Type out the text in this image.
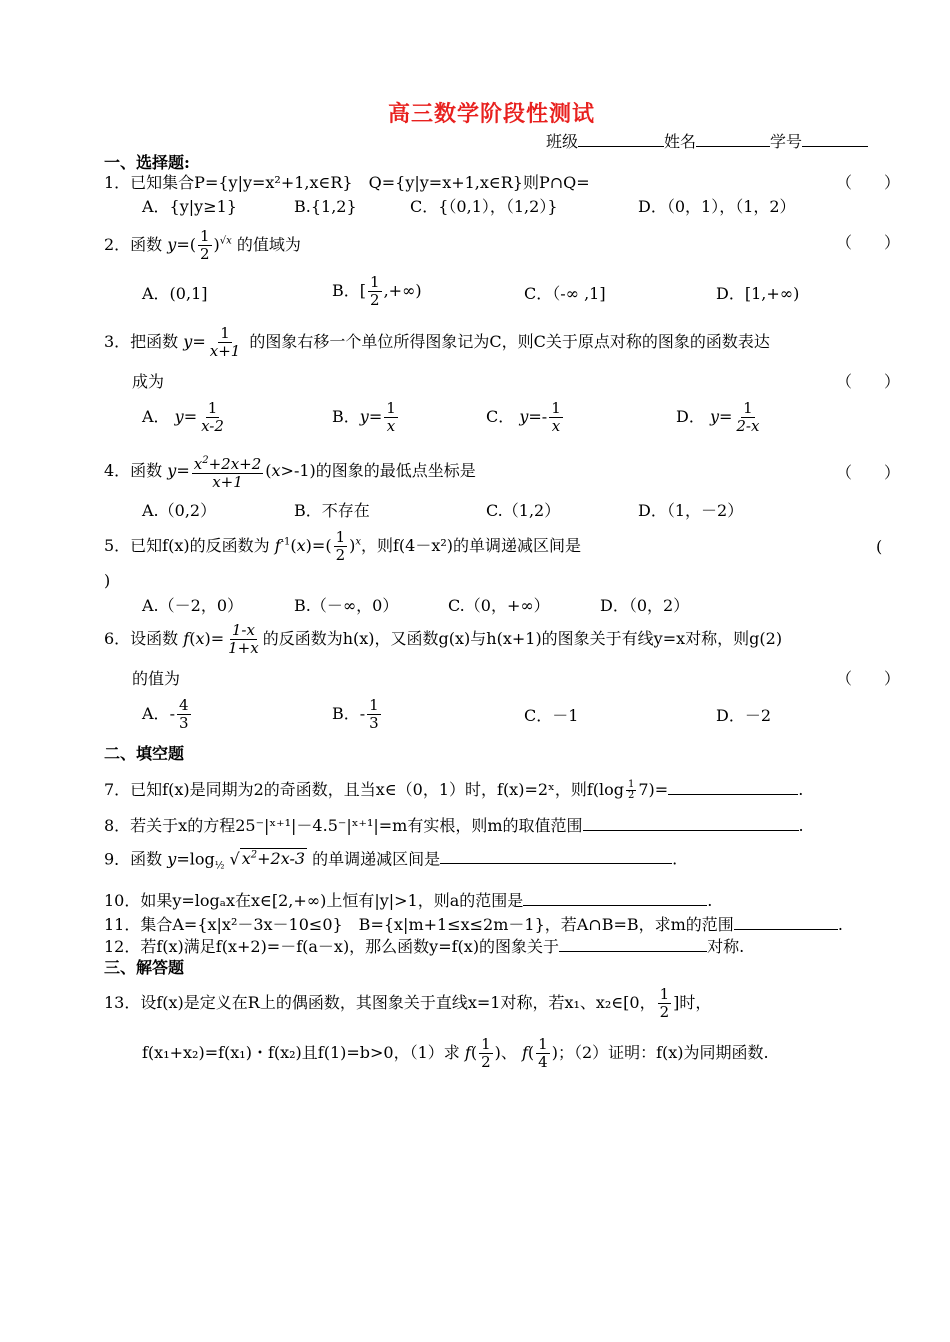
高三数学阶段性测试
班级	姓名	学号
一、选择题:
1．已知集合P={y|y=x²+1,x∈R}　Q={y|y=x+1,x∈R}则P∩Q=	（　　）
A．{y|y≥1}	B.{1,2}	C．{（0,1），（1,2）}	D．（0，1），（1，2）
2．函数 $y=( \frac{1}{2} )^{√x}$ 的值域为	（　　）
A．(0,1]	B．[ $\frac{1}{2}$ ,+∞)	C．（-∞ ,1]	D．[1,+∞)
3．把函数 $y= \frac{1}{x+1}$ 的图象右移一个单位所得图象记为C，则C关于原点对称的图象的函数表达
成为	（　　）
A． $y= \frac{1}{x-2}$	B．$y= \frac{1}{x}$	C． $y=- \frac{1}{x}$	D． $y= \frac{1}{2-x}$
4．函数 $y= \frac{x^2+2x+2}{x+1} (x>-1)$的图象的最低点坐标是	（　　）
A.（0,2）	B．不存在	C.（1,2）	D．（1，－2）
5．已知f(x)的反函数为 $f^{-1}(x)=( \frac{1}{2} )^x$，则f(4－x²)的单调递减区间是	(
)
A.（－2，0）	B.（－∞，0）	C.（0，+∞）	D．（0，2）
6．设函数 $f(x)= \frac{1-x}{1+x}$ 的反函数为h(x)，又函数g(x)与h(x+1)的图象关于有线y=x对称，则g(2)
的值为	（　　）
A．- $\frac{4}{3}$	B．- $\frac{1}{3}$	C．－1	D．－2
二、填空题
7．已知f(x)是同期为2的奇函数，且当x∈（0，1）时，f(x)=2ˣ，则$f(\log \frac{1}{2} 7)=$	.
8．若关于x的方程25⁻|ˣ⁺¹|－4.5⁻|ˣ⁺¹|=m有实根，则m的取值范围	.
9．函数 $y=\log_{\frac{1}{2}}$ √ $x^2+2x-3$ 的单调递减区间是	.
10．如果y=logₐx在x∈[2,+∞)上恒有|y|>1，则a的范围是	.
11．集合A={x|x²－3x－10≤0}　B={x|m+1≤x≤2m－1}，若A∩B=B，求m的范围	.
12．若f(x)满足f(x+2)=－f(a－x)，那么函数y=f(x)的图象关于	对称.
三、解答题
13．设f(x)是定义在R上的偶函数，其图象关于直线x=1对称，若x₁、x₂∈[0， $\frac{1}{2}$ ]时，
f(x₁+x₂)=f(x₁)・f(x₂)且f(1)=b>0，（1）求 $f( \frac{1}{2}$ )、 $f( \frac{1}{4}$ )；（2）证明：f(x)为同期函数.
